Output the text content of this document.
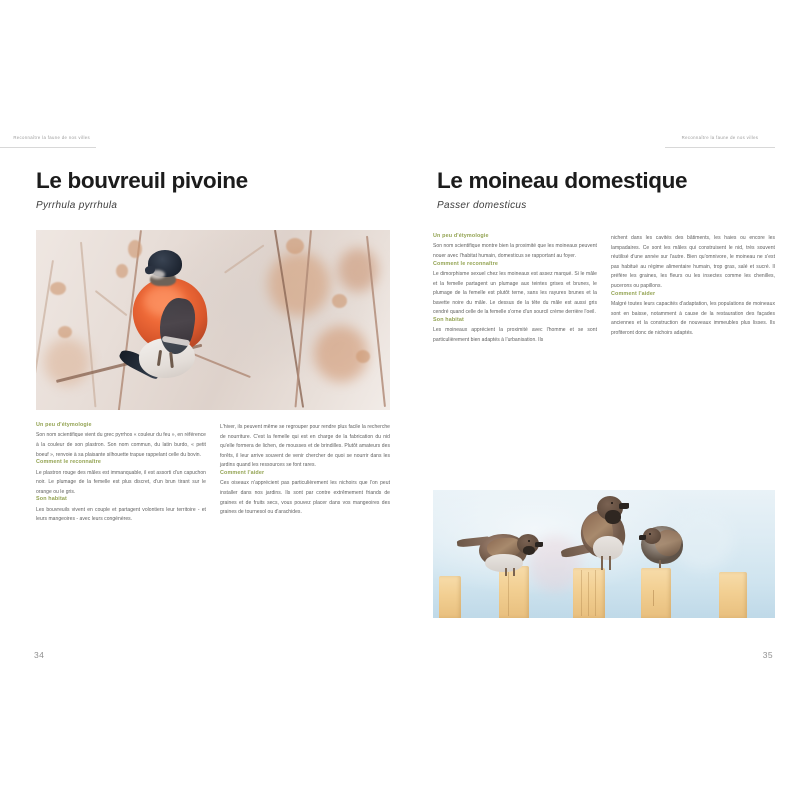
Reconnaître la faune de nos villes
Le bouvreuil pivoine
Pyrrhula pyrrhula
Un peu d'étymologie
Son nom scientifique vient du grec pyrrhos « couleur du feu », en référence à la couleur de son plastron. Son nom commun, du latin burdo, « petit boeuf », renvoie à sa plaisante silhouette trapue rappelant celle du bovin.
Comment le reconnaître
Le plastron rouge des mâles est immanquable, il est assorti d'un capuchon noir. Le plumage de la femelle est plus discret, d'un brun tirant sur le orange ou le gris.
Son habitat
Les bouvreuils vivent en couple et partagent volontiers leur territoire - et leurs mangeoires - avec leurs congénères.
L'hiver, ils peuvent même se regrouper pour rendre plus facile la recherche de nourriture. C'est la femelle qui est en charge de la fabrication du nid qu'elle formera de lichen, de mousses et de brindilles. Plutôt amateurs des forêts, il leur arrive souvent de venir chercher de quoi se nourrir dans les jardins quand les ressources se font rares.
Comment l'aider
Ces oiseaux n'apprécient pas particulièrement les nichoirs que l'on peut installer dans nos jardins. Ils sont par contre extrêmement friands de graines et de fruits secs, vous pouvez placer dans vos mangeoires des graines de tournesol ou d'arachides.
34
Reconnaître la faune de nos villes
Le moineau domestique
Passer domesticus
Un peu d'étymologie
Son nom scientifique montre bien la proximité que les moineaux peuvent nouer avec l'habitat humain, domesticus se rapportant au foyer.
Comment le reconnaître
Le dimorphisme sexuel chez les moineaux est assez marqué. Si le mâle et la femelle partagent un plumage aux teintes grises et brunes, le plumage de la femelle est plutôt terne, sans les rayures brunes et la bavette noire du mâle. Le dessus de la tête du mâle est aussi gris cendré quand celle de la femelle s'orne d'un sourcil crème derrière l'oeil.
Son habitat
Les moineaux apprécient la proximité avec l'homme et se sont particulièrement bien adaptés à l'urbanisation. Ils
nichent dans les cavités des bâtiments, les haies ou encore les lampadaires. Ce sont les mâles qui construisent le nid, très souvent réutilisé d'une année sur l'autre. Bien qu'omnivore, le moineau ne s'est pas habitué au régime alimentaire humain, trop gras, salé et sucré. Il préfère les graines, les fleurs ou les insectes comme les chenilles, pucerons ou papillons.
Comment l'aider
Malgré toutes leurs capacités d'adaptation, les populations de moineaux sont en baisse, notamment à cause de la restauration des façades anciennes et la construction de nouveaux immeubles plus lisses. Ils profiteront donc de nichoirs adaptés.
35
